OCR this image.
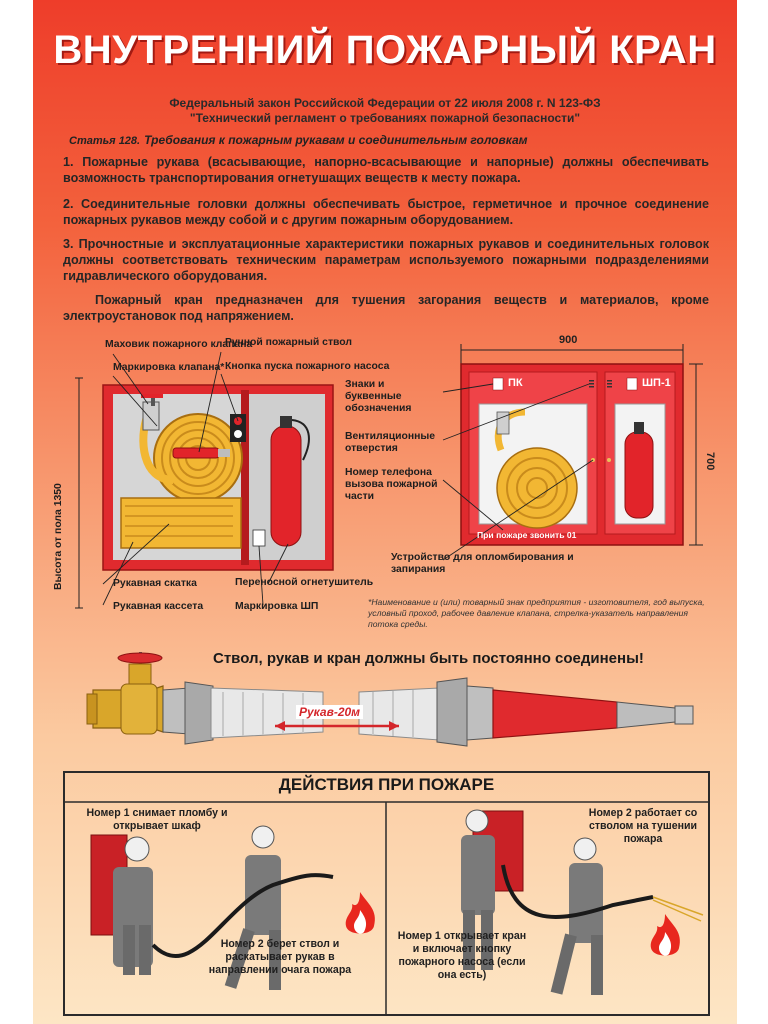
ВНУТРЕННИЙ ПОЖАРНЫЙ КРАН
Федеральный закон Российской Федерации от 22 июля 2008 г. N 123-ФЗ
"Технический регламент о требованиях пожарной безопасности"
Статья 128. Требования к пожарным рукавам и соединительным головкам
1. Пожарные рукава (всасывающие, напорно-всасывающие и напорные) должны обеспечивать возможность транспортирования огнетушащих веществ к месту пожара.
2. Соединительные головки должны обеспечивать быстрое, герметичное и прочное соединение пожарных рукавов между собой и с другим пожарным оборудованием.
3. Прочностные и эксплуатационные характеристики пожарных рукавов и соединительных головок должны соответствовать техническим параметрам используемого пожарными подразделениями гидравлического оборудования.
Пожарный кран предназначен для тушения загорания веществ и материалов, кроме электроустановок под напряжением.
Маховик пожарного клапана
Маркировка клапана*
Ручной пожарный ствол
Кнопка пуска пожарного насоса
Рукавная скатка
Рукавная кассета
Переносной огнетушитель
Маркировка ШП
Высота от пола 1350
900
700
ПК	ШП-1
Знаки и буквенные обозначения
Вентиляционные отверстия
Номер телефона вызова пожарной части
При пожаре звонить 01
Устройство для опломбирования и запирания
*Наименование и (или) товарный знак предприятия - изготовителя, год выпуска, условный проход, рабочее давление клапана, стрелка-указатель направления потока среды.
Ствол, рукав и кран должны быть постоянно соединены!
Рукав-20м
ДЕЙСТВИЯ ПРИ ПОЖАРЕ
Номер 1 снимает пломбу и открывает шкаф
Номер 2 берет ствол и раскатывает рукав в направлении очага пожара
Номер 1 открывает кран и включает кнопку пожарного насоса (если она есть)
Номер 2 работает со стволом на тушении пожара
